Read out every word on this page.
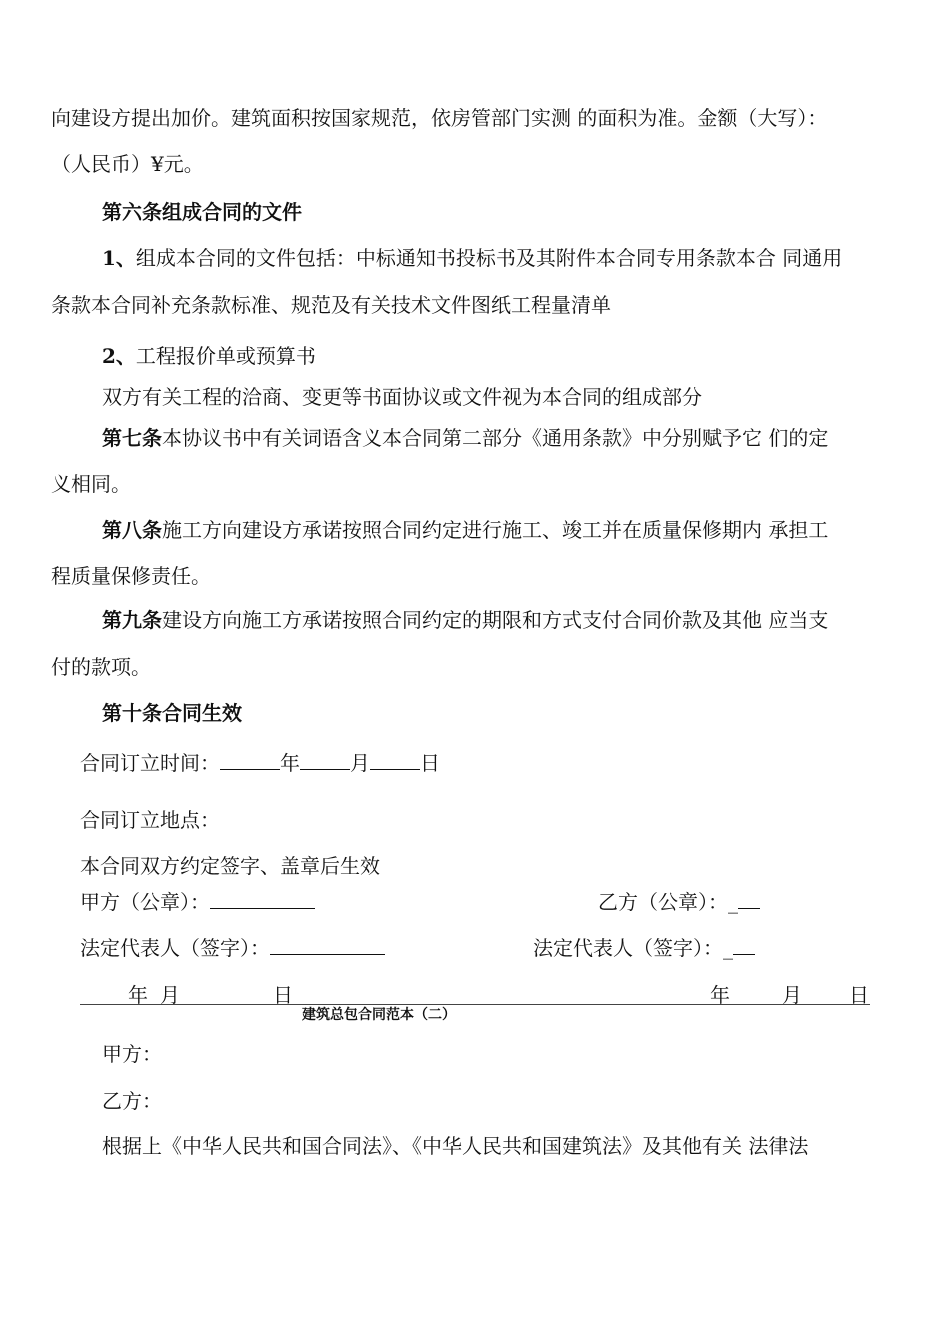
向建设方提出加价。建筑面积按国家规范，依房管部门实测 的面积为准。金额（大写）：
（人民币）¥元。
第六条组成合同的文件
1、组成本合同的文件包括：中标通知书投标书及其附件本合同专用条款本合 同通用
条款本合同补充条款标准、规范及有关技术文件图纸工程量清单
2、工程报价单或预算书
双方有关工程的洽商、变更等书面协议或文件视为本合同的组成部分
第七条本协议书中有关词语含义本合同第二部分《通用条款》中分别赋予它 们的定
义相同。
第八条施工方向建设方承诺按照合同约定进行施工、竣工并在质量保修期内 承担工
程质量保修责任。
第九条建设方向施工方承诺按照合同约定的期限和方式支付合同价款及其他 应当支
付的款项。
第十条合同生效
合同订立时间：	年	月	日
合同订立地点：
本合同双方约定签字、盖章后生效
甲方（公章）：	乙方（公章）：_
法定代表人（签字）：	法定代表人（签字）：_
年 月	日	年	月 日
建筑总包合同范本（二）
甲方：
乙方：
根据上《中华人民共和国合同法》、《中华人民共和国建筑法》及其他有关 法律法
